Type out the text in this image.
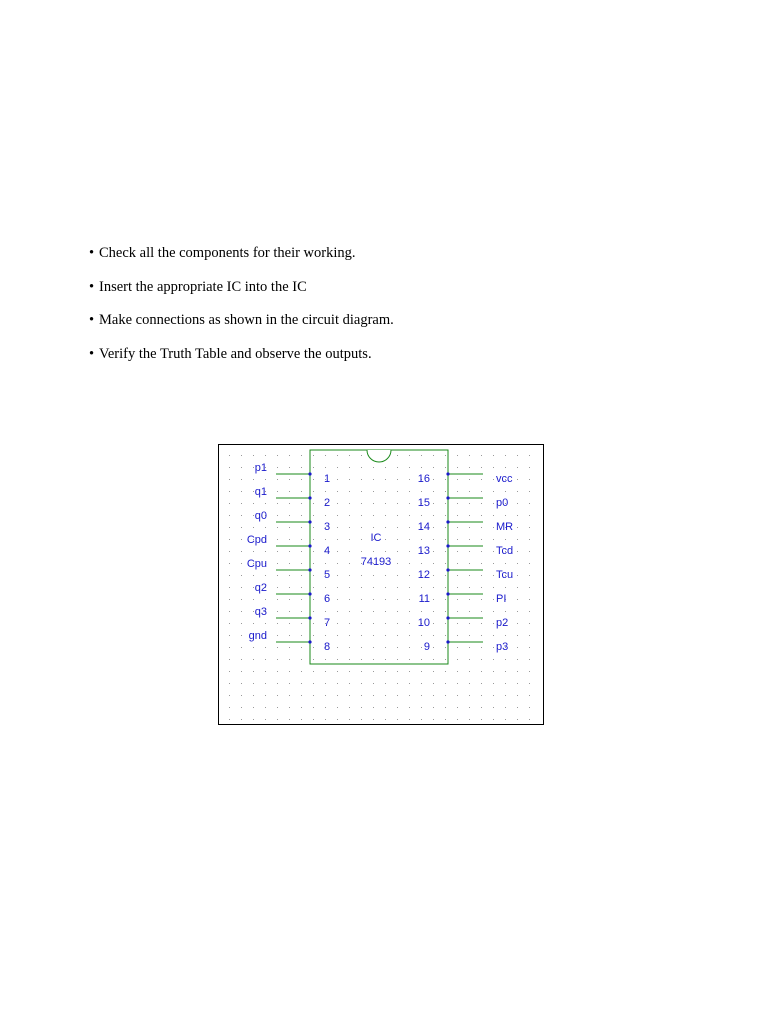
• Check all the components for their working.
• Insert the appropriate IC into the IC
• Make connections as shown in the circuit diagram.
• Verify the Truth Table and observe the outputs.
IC
74193
1
p1
2
q1
3
q0
4
Cpd
5
Cpu
6
q2
7
q3
8
gnd
16	vcc
15	p0
14	MR
13	Tcd
12	Tcu
11	PI
10	p2
9	p3
